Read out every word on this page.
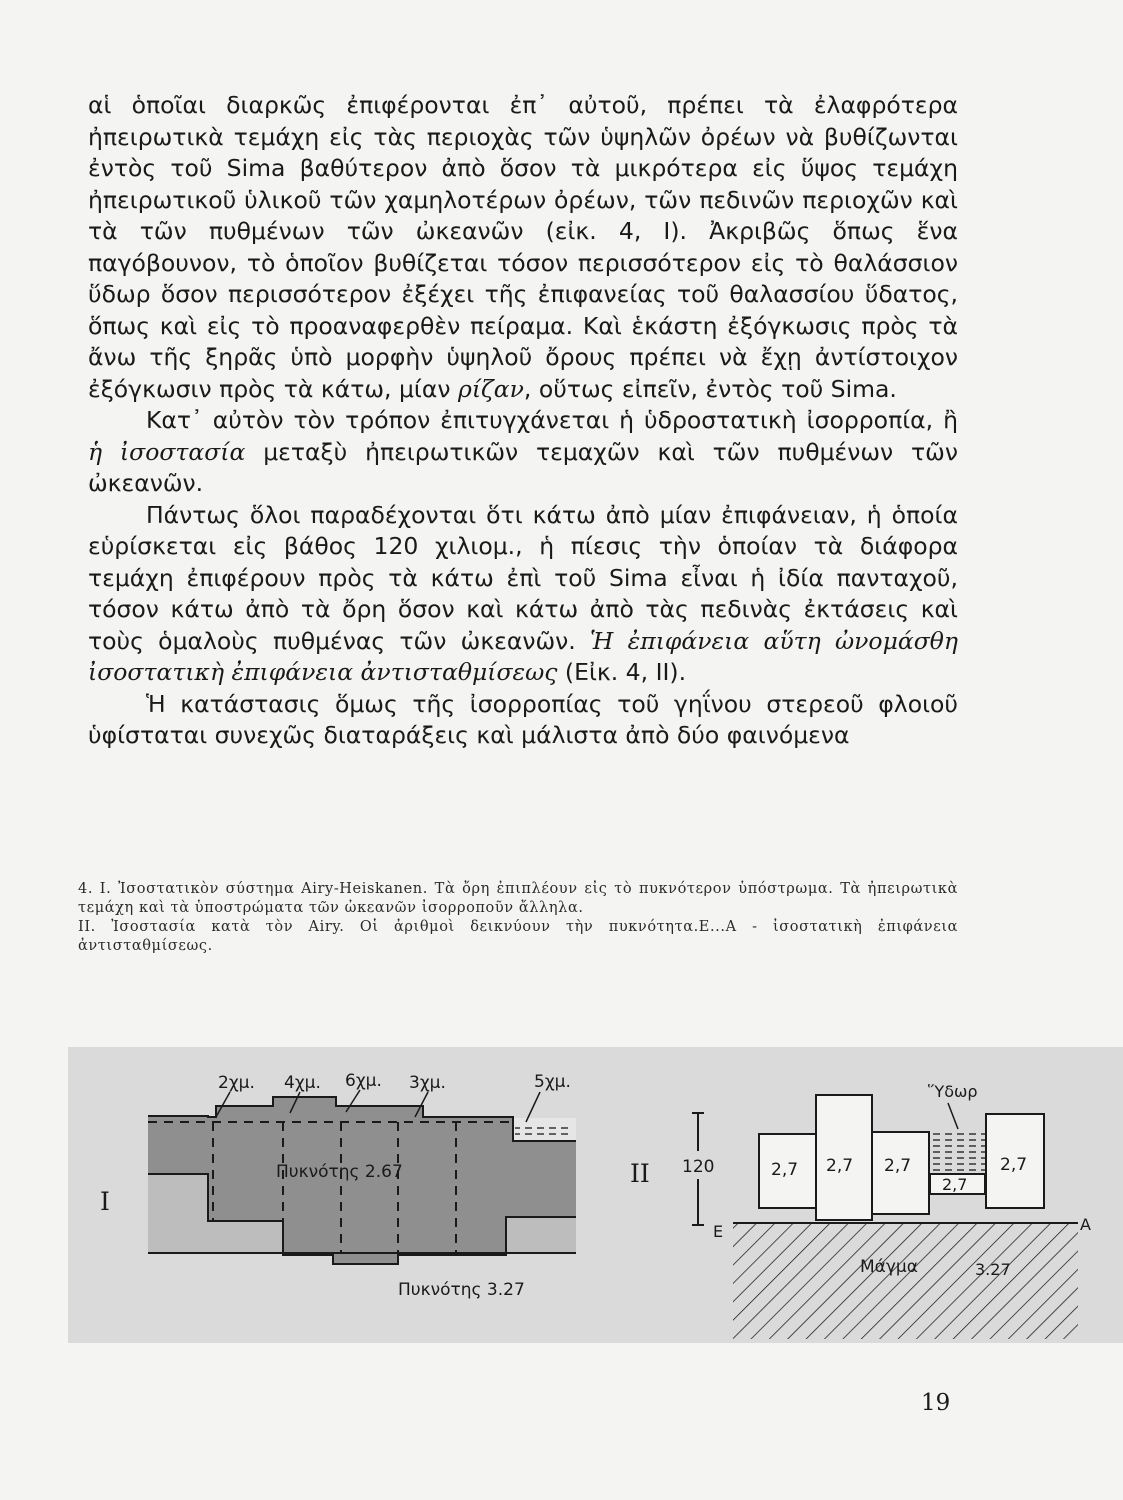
αἱ ὁποῖαι διαρκῶς ἐπιφέρονται ἐπ᾽ αὐτοῦ, πρέπει τὰ ἐλαφρότερα ἠπειρωτικὰ τεμάχη εἰς τὰς περιοχὰς τῶν ὑψηλῶν ὀρέων νὰ βυθίζωνται ἐντὸς τοῦ Sima βαθύτερον ἀπὸ ὅσον τὰ μικρότερα εἰς ὕψος τεμάχη ἠπειρωτικοῦ ὑλικοῦ τῶν χαμηλοτέρων ὀρέων, τῶν πεδινῶν περιοχῶν καὶ τὰ τῶν πυθμένων τῶν ὠκεανῶν (εἰκ. 4, I). Ἀκριβῶς ὅπως ἕνα παγόβουνον, τὸ ὁποῖον βυθίζεται τόσον περισσότερον εἰς τὸ θαλάσσιον ὕδωρ ὅσον περισσότερον ἐξέχει τῆς ἐπιφανείας τοῦ θαλασσίου ὕδατος, ὅπως καὶ εἰς τὸ προαναφερθὲν πείραμα. Καὶ ἑκάστη ἐξόγκωσις πρὸς τὰ ἄνω τῆς ξηρᾶς ὑπὸ μορφὴν ὑψηλοῦ ὄρους πρέπει νὰ ἔχῃ ἀντίστοιχον ἐξόγκωσιν πρὸς τὰ κάτω, μίαν ρίζαν, οὕτως εἰπεῖν, ἐντὸς τοῦ Sima.

Κατ᾽ αὐτὸν τὸν τρόπον ἐπιτυγχάνεται ἡ ὑδροστατικὴ ἰσορροπία, ἢ ἡ ἰσοστασία μεταξὺ ἠπειρωτικῶν τεμαχῶν καὶ τῶν πυθμένων τῶν ὠκεανῶν.

Πάντως ὅλοι παραδέχονται ὅτι κάτω ἀπὸ μίαν ἐπιφάνειαν, ἡ ὁποία εὑρίσκεται εἰς βάθος 120 χιλιομ., ἡ πίεσις τὴν ὁποίαν τὰ διάφορα τεμάχη ἐπιφέρουν πρὸς τὰ κάτω ἐπὶ τοῦ Sima εἶναι ἡ ἰδία πανταχοῦ, τόσον κάτω ἀπὸ τὰ ὄρη ὅσον καὶ κάτω ἀπὸ τὰς πεδινὰς ἐκτάσεις καὶ τοὺς ὁμαλοὺς πυθμένας τῶν ὠκεανῶν. Ἡ ἐπιφάνεια αὕτη ὠνομάσθη ἰσοστατικὴ ἐπιφάνεια ἀντισταθμίσεως (Εἰκ. 4, II).

Ἡ κατάστασις ὅμως τῆς ἰσορροπίας τοῦ γηΐνου στερεοῦ φλοιοῦ ὑφίσταται συνεχῶς διαταράξεις καὶ μάλιστα ἀπὸ δύο φαινόμενα

4. I. Ἰσοστατικὸν σύστημα Airy-Heiskanen. Τὰ ὄρη ἐπιπλέουν εἰς τὸ πυκνότερον ὑπόστρωμα. Τὰ ἠπειρωτικὰ τεμάχη καὶ τὰ ὑποστρώματα τῶν ὠκεανῶν ἰσορροποῦν ἄλληλα.

II. Ἰσοστασία κατὰ τὸν Airy. Οἱ ἀριθμοὶ δεικνύουν τὴν πυκνότητα.Ε...Α - ἰσοστατικὴ ἐπιφάνεια ἀντισταθμίσεως.

I
2χμ. 4χμ. 6χμ. 3χμ.	5χμ.
Πυκνότης 2.67
Πυκνότης 3.27
II 120
Ε	Α
Ὕδωρ
2,7 2,7 2,7
2,7
2,7
Μάγμα	3.27
19
